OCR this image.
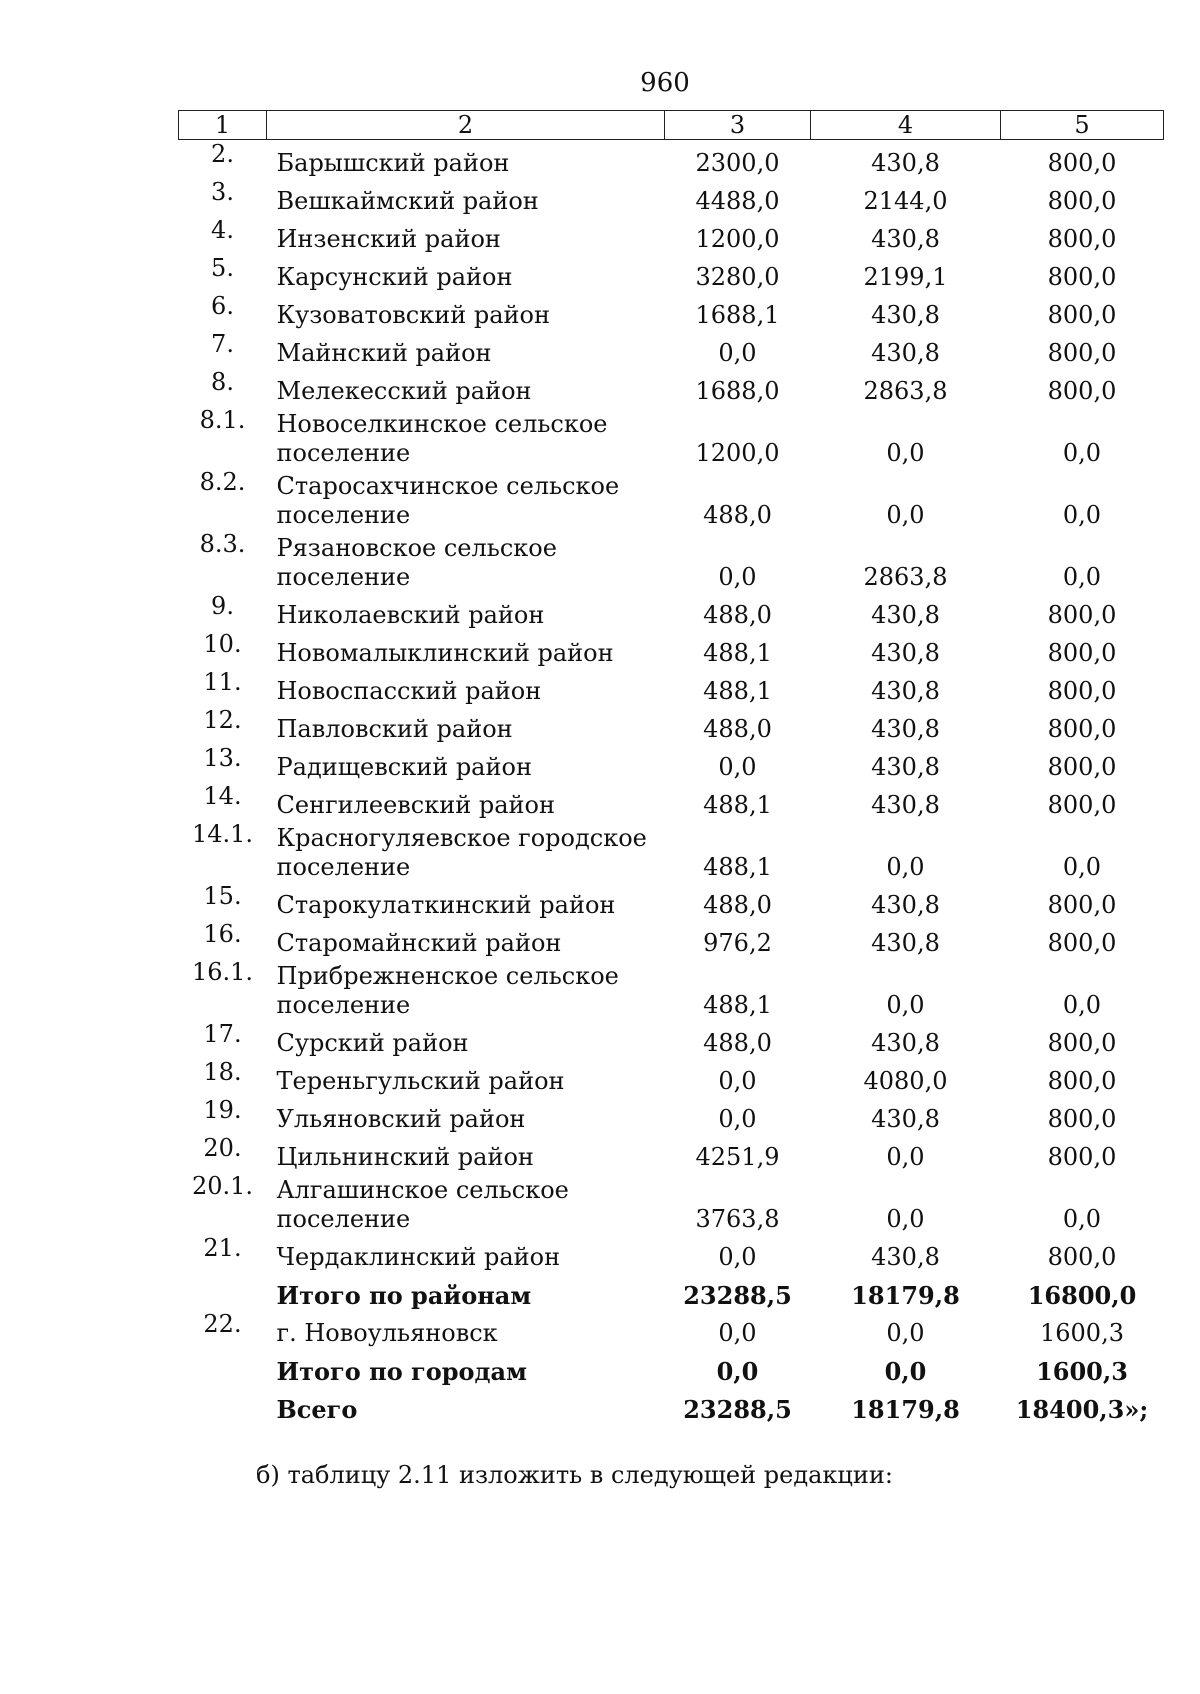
960
1	2	3	4	5
2.	Барышский район	2300,0	430,8	800,0
3.	Вешкаймский район	4488,0	2144,0	800,0
4.	Инзенский район	1200,0	430,8	800,0
5.	Карсунский район	3280,0	2199,1	800,0
6.	Кузоватовский район	1688,1	430,8	800,0
7.	Майнский район	0,0	430,8	800,0
8.	Мелекесский район	1688,0	2863,8	800,0
8.1.	Новоселкинское сельское поселение	1200,0	0,0	0,0
8.2.	Старосахчинское сельское поселение	488,0	0,0	0,0
8.3.	Рязановское сельское поселение	0,0	2863,8	0,0
9.	Николаевский район	488,0	430,8	800,0
10.	Новомалыклинский район	488,1	430,8	800,0
11.	Новоспасский район	488,1	430,8	800,0
12.	Павловский район	488,0	430,8	800,0
13.	Радищевский район	0,0	430,8	800,0
14.	Сенгилеевский район	488,1	430,8	800,0
14.1.	Красногуляевское городское поселение	488,1	0,0	0,0
15.	Старокулаткинский район	488,0	430,8	800,0
16.	Старомайнский район	976,2	430,8	800,0
16.1.	Прибрежненское сельское поселение	488,1	0,0	0,0
17.	Сурский район	488,0	430,8	800,0
18.	Тереньгульский район	0,0	4080,0	800,0
19.	Ульяновский район	0,0	430,8	800,0
20.	Цильнинский район	4251,9	0,0	800,0
20.1.	Алгашинское сельское поселение	3763,8	0,0	0,0
21.	Чердаклинский район	0,0	430,8	800,0
	Итого по районам	23288,5	18179,8	16800,0
22.	г. Новоульяновск	0,0	0,0	1600,3
	Итого по городам	0,0	0,0	1600,3
	Всего	23288,5	18179,8	18400,3»;
б) таблицу 2.11 изложить в следующей редакции:
